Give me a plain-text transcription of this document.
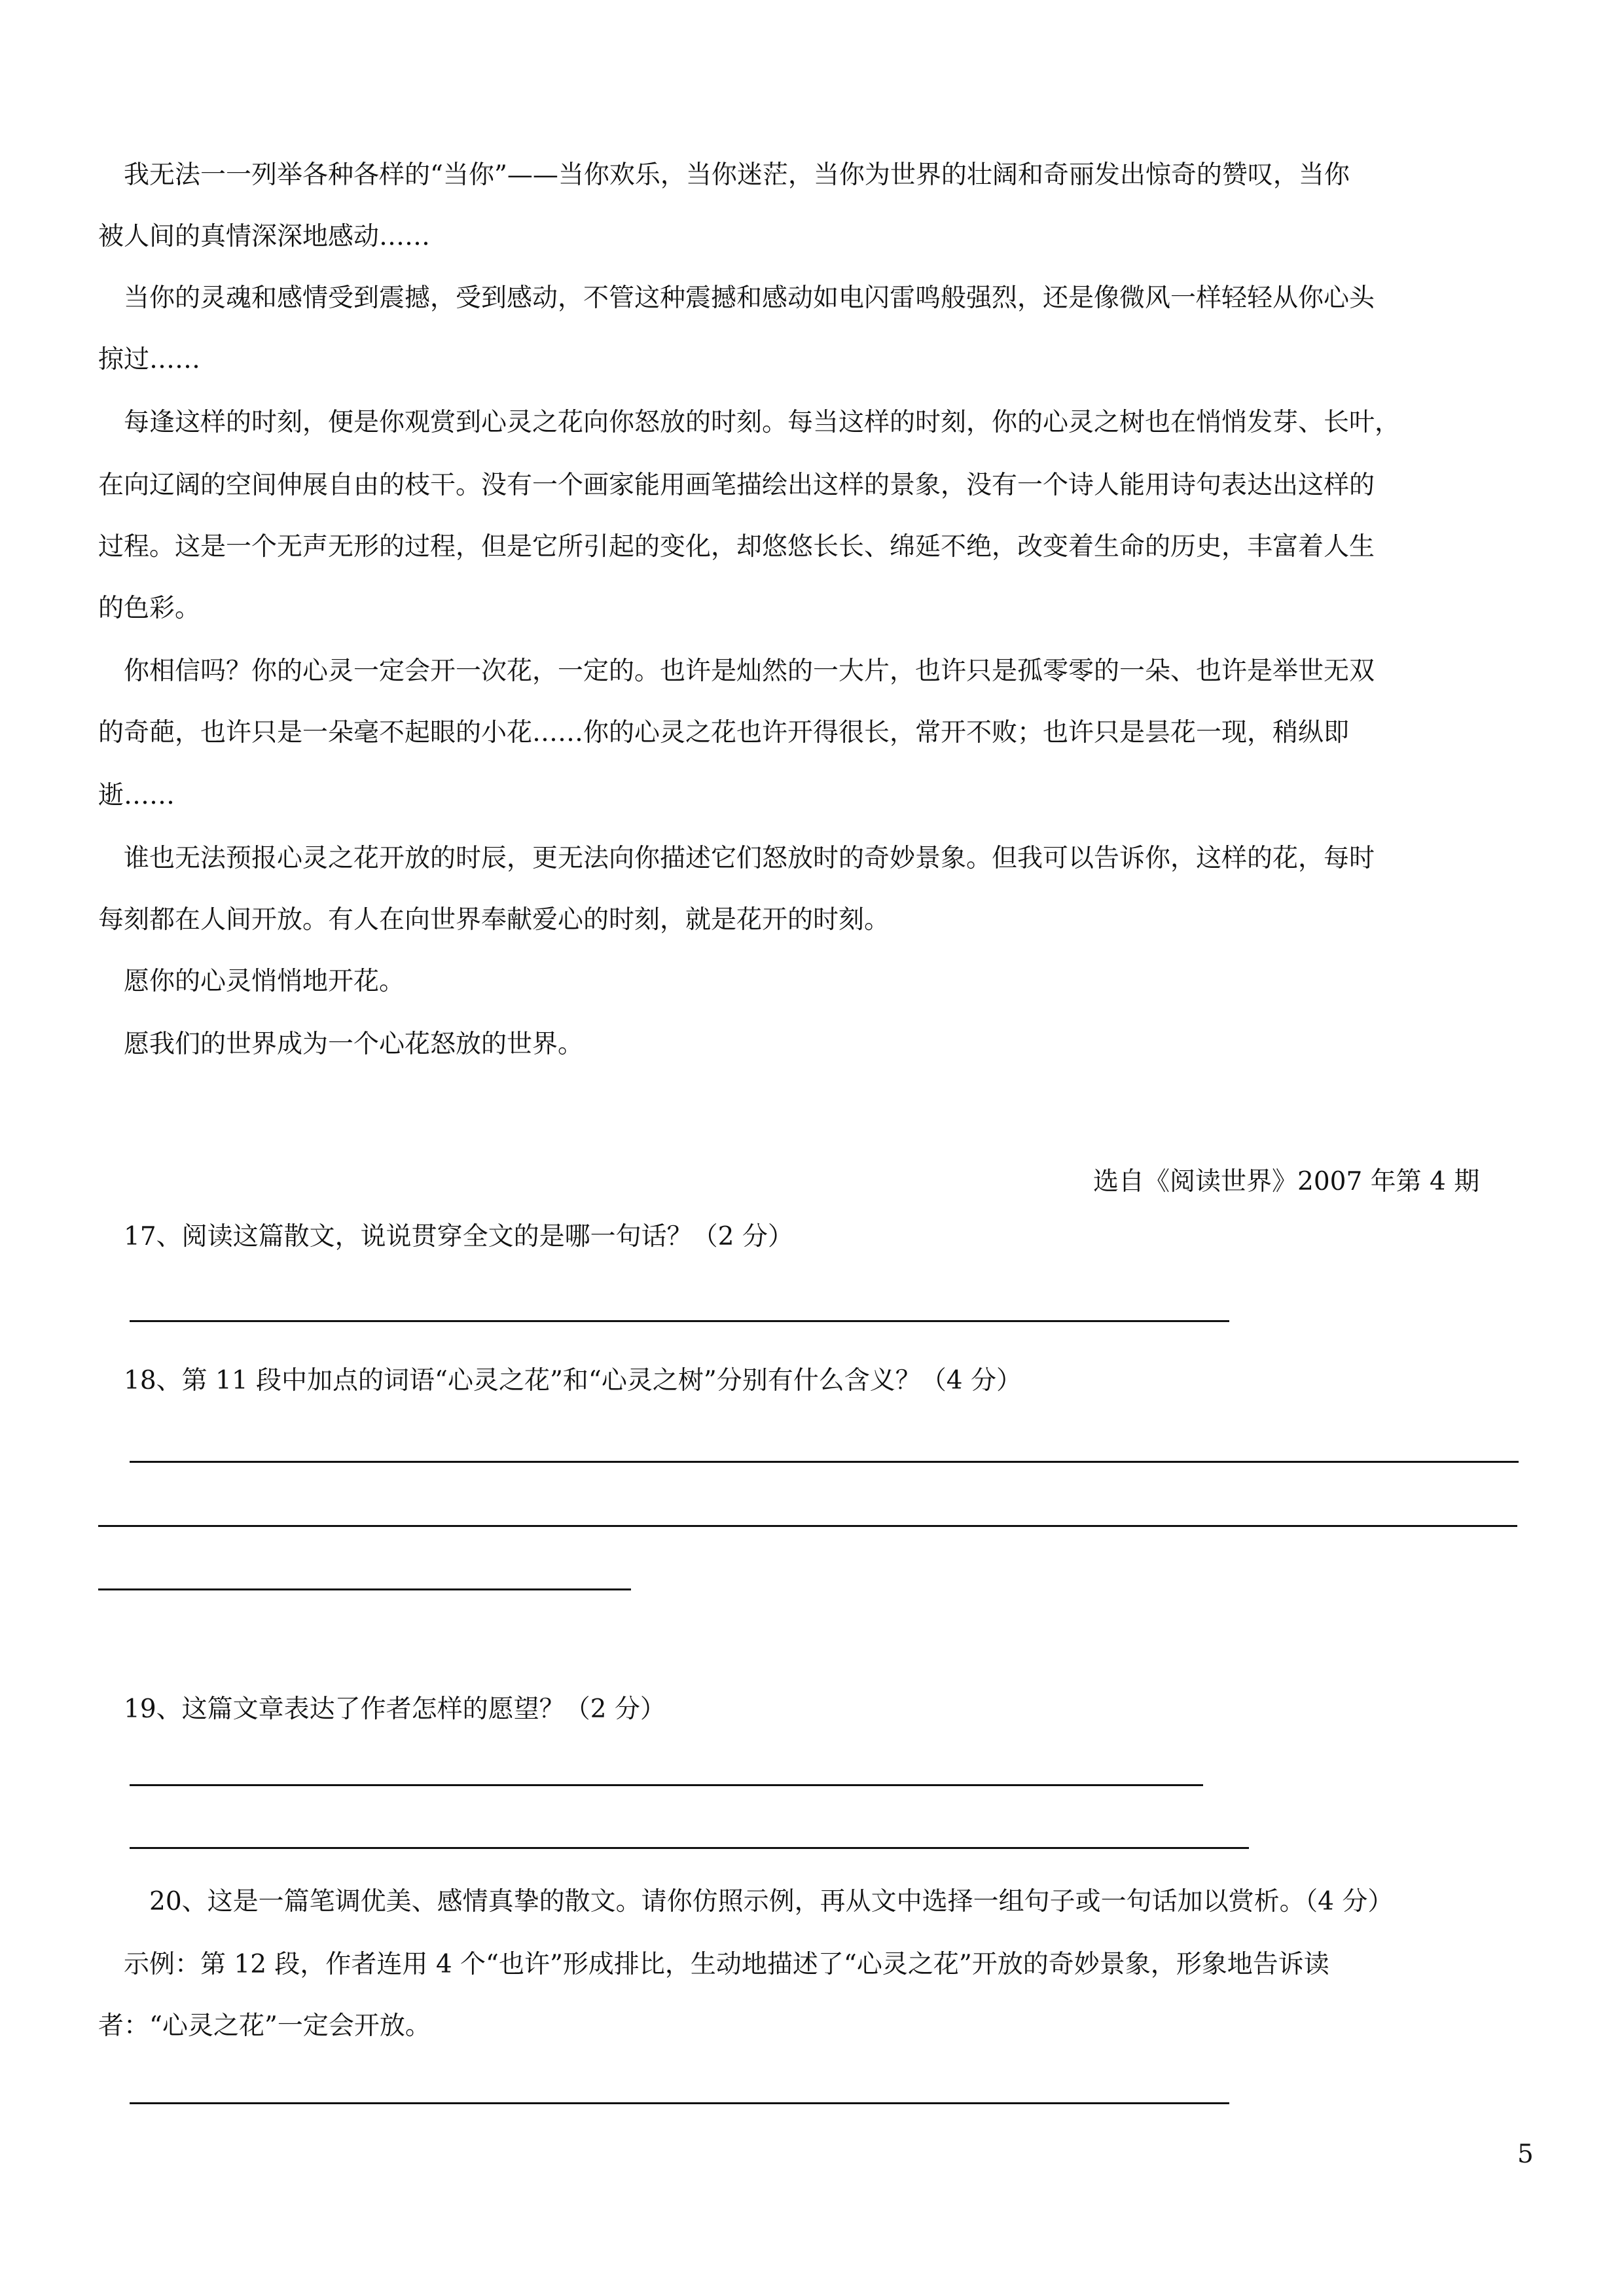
　我无法一一列举各种各样的“当你”——当你欢乐，当你迷茫，当你为世界的壮阔和奇丽发出惊奇的赞叹，当你

被人间的真情深深地感动……

　当你的灵魂和感情受到震撼，受到感动，不管这种震撼和感动如电闪雷鸣般强烈，还是像微风一样轻轻从你心头

掠过……

　每逢这样的时刻，便是你观赏到心灵之花向你怒放的时刻。每当这样的时刻，你的心灵之树也在悄悄发芽、长叶，

在向辽阔的空间伸展自由的枝干。没有一个画家能用画笔描绘出这样的景象，没有一个诗人能用诗句表达出这样的

过程。这是一个无声无形的过程，但是它所引起的变化，却悠悠长长、绵延不绝，改变着生命的历史，丰富着人生

的色彩。

　你相信吗？你的心灵一定会开一次花，一定的。也许是灿然的一大片，也许只是孤零零的一朵、也许是举世无双

的奇葩，也许只是一朵毫不起眼的小花……你的心灵之花也许开得很长，常开不败；也许只是昙花一现，稍纵即

逝……

　谁也无法预报心灵之花开放的时辰，更无法向你描述它们怒放时的奇妙景象。但我可以告诉你，这样的花，每时

每刻都在人间开放。有人在向世界奉献爱心的时刻，就是花开的时刻。

　愿你的心灵悄悄地开花。

　愿我们的世界成为一个心花怒放的世界。

选自《阅读世界》2007 年第 4 期

　17、阅读这篇散文，说说贯穿全文的是哪一句话？（2 分）

　18、第 11 段中加点的词语“心灵之花”和“心灵之树”分别有什么含义？（4 分）

　19、这篇文章表达了作者怎样的愿望？（2 分）

　　20、这是一篇笔调优美、感情真挚的散文。请你仿照示例，再从文中选择一组句子或一句话加以赏析。（4 分）

　示例：第 12 段，作者连用 4 个“也许”形成排比，生动地描述了“心灵之花”开放的奇妙景象，形象地告诉读

者：“心灵之花”一定会开放。

5
